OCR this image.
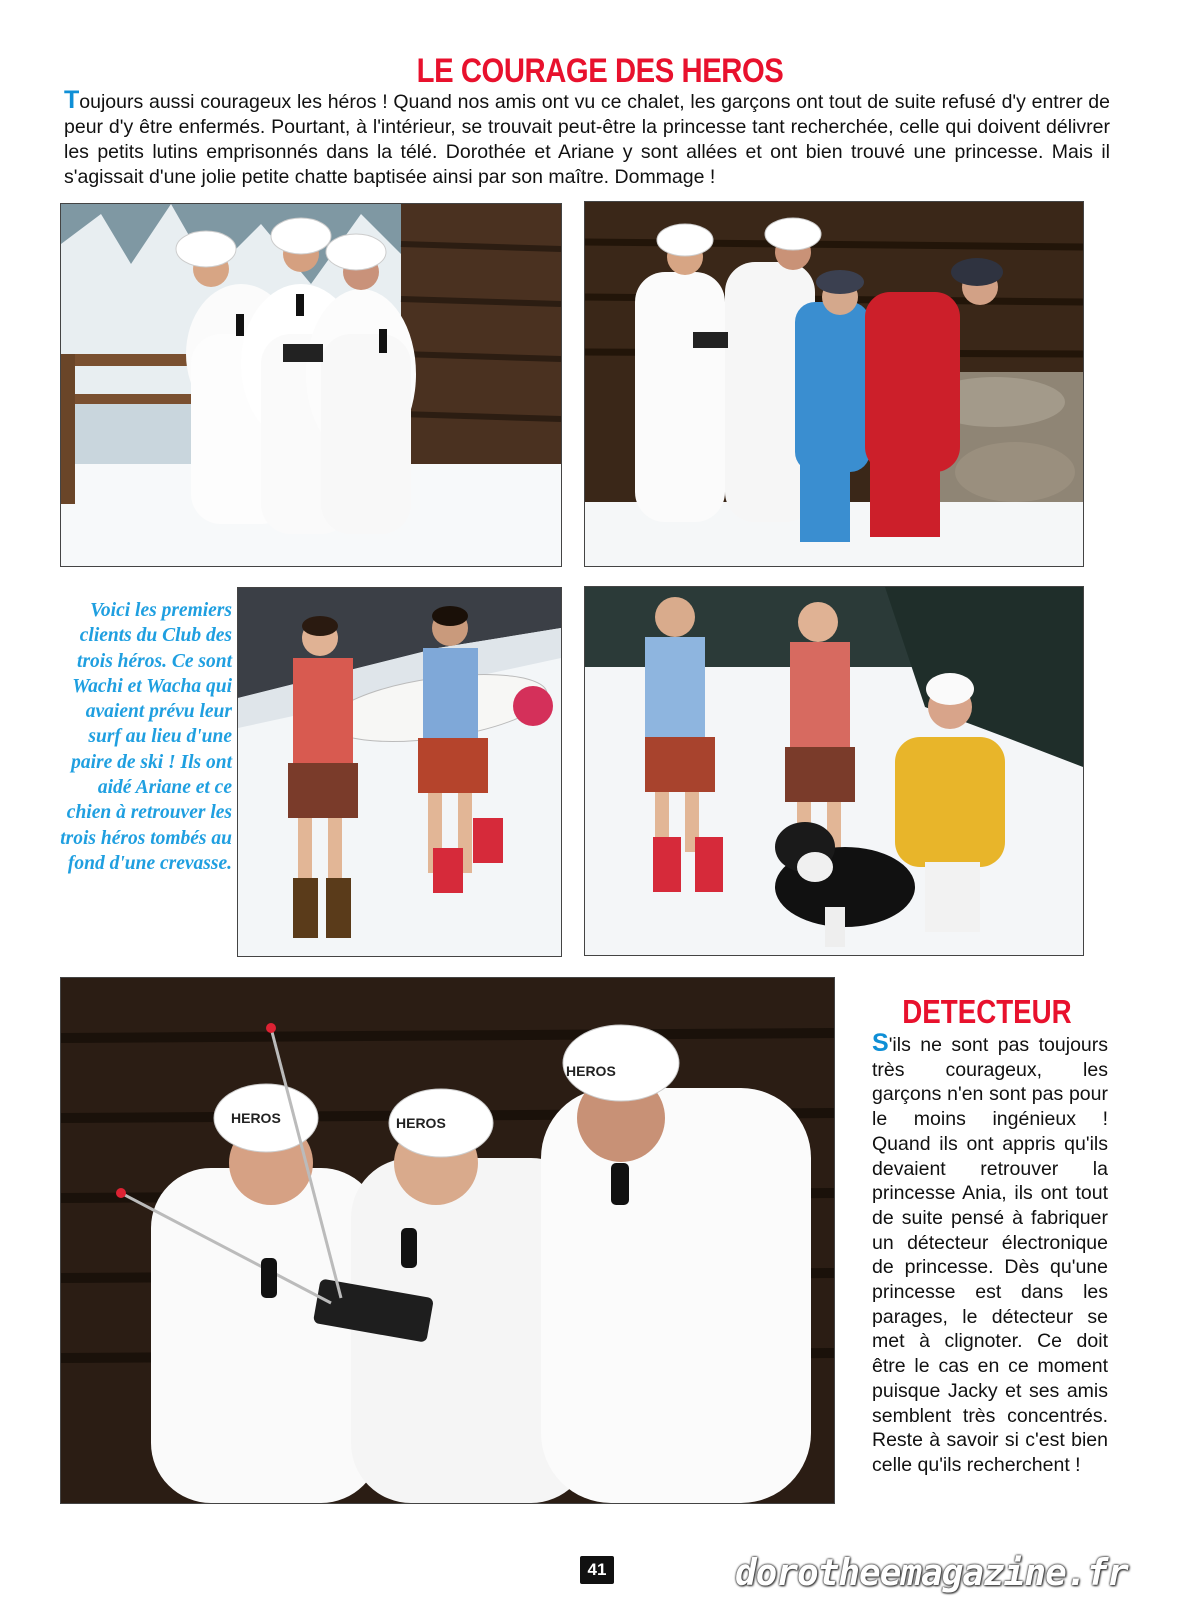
LE COURAGE DES HEROS
Toujours aussi courageux les héros ! Quand nos amis ont vu ce chalet, les garçons ont tout de suite refusé d'y entrer de peur d'y être enfermés. Pourtant, à l'intérieur, se trouvait peut-être la princesse tant recherchée, celle qui doivent délivrer les petits lutins emprisonnés dans la télé. Dorothée et Ariane y sont allées et ont bien trouvé une princesse. Mais il s'agissait d'une jolie petite chatte baptisée ainsi par son maître. Dommage !
Voici les premiers clients du Club des trois héros. Ce sont Wachi et Wacha qui avaient prévu leur surf au lieu d'une paire de ski ! Ils ont aidé Ariane et ce chien à retrouver les trois héros tombés au fond d'une crevasse.
HEROS	HEROS
HEROS
DETECTEUR
S'ils ne sont pas toujours très courageux, les garçons n'en sont pas pour le moins ingénieux ! Quand ils ont appris qu'ils devaient retrouver la princesse Ania, ils ont tout de suite pensé à fabriquer un détecteur électronique de princesse. Dès qu'une princesse est dans les parages, le détecteur se met à clignoter. Ce doit être le cas en ce moment puisque Jacky et ses amis semblent très concentrés. Reste à savoir si c'est bien celle qu'ils recherchent !
41	dorotheemagazine.fr
